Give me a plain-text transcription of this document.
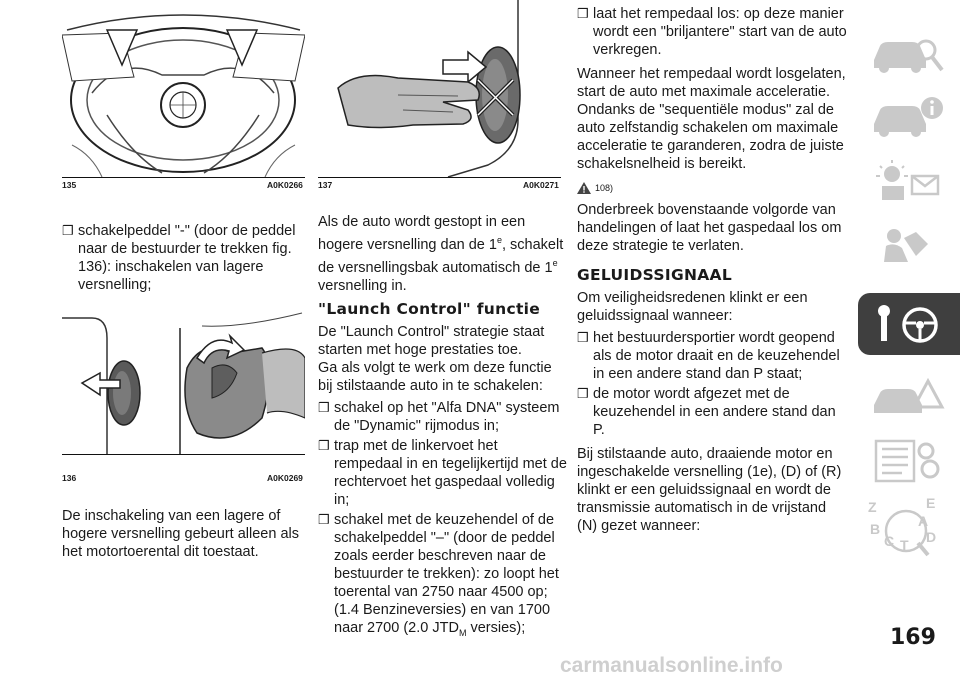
135	A0K0266
136	A0K0269
137	A0K0271
❒ schakelpeddel "-" (door de peddel naar de bestuurder te trekken fig. 136): inschakelen van lagere versnelling;

De inschakeling van een lagere of hogere versnelling gebeurt alleen als het motortoerental dit toestaat.

Als de auto wordt gestopt in een hogere versnelling dan de 1e, schakelt de versnellingsbak automatisch de 1e versnelling in.

"Launch Control" functie

De "Launch Control" strategie staat starten met hoge prestaties toe.

Ga als volgt te werk om deze functie bij stilstaande auto in te schakelen:

❒ schakel op het "Alfa DNA" systeem de "Dynamic" rijmodus in;
❒ trap met de linkervoet het rempedaal in en tegelijkertijd met de rechtervoet het gaspedaal volledig in;
❒ schakel met de keuzehendel of de schakelpeddel "–" (door de peddel zoals eerder beschreven naar de bestuurder te trekken): zo loopt het toerental van 2750 naar 4500 op; (1.4 Benzineversies) en van 1700 naar 2700 (2.0 $JTD_M$ versies);
❒ laat het rempedaal los: op deze manier wordt een "briljantere" start van de auto verkregen.

Wanneer het rempedaal wordt losgelaten, start de auto met maximale acceleratie. Ondanks de "sequentiële modus" zal de auto zelfstandig schakelen om maximale acceleratie te garanderen, zodra de juiste schakelsnelheid is bereikt.

108)

Onderbreek bovenstaande volgorde van handelingen of laat het gaspedaal los om deze strategie te verlaten.

GELUIDSSIGNAAL

Om veiligheidsredenen klinkt er een geluidssignaal wanneer:

❒ het bestuurdersportier wordt geopend als de motor draait en de keuzehendel in een andere stand dan P staat;
❒ de motor wordt afgezet met de keuzehendel in een andere stand dan P.

Bij stilstaande auto, draaiende motor en ingeschakelde versnelling (1e), (D) of (R) klinkt er een geluidssignaal en wordt de transmissie automatisch in de vrijstand (N) gezet wanneer:

Z	E
A
B
C T D
169
carmanualsonline.info
